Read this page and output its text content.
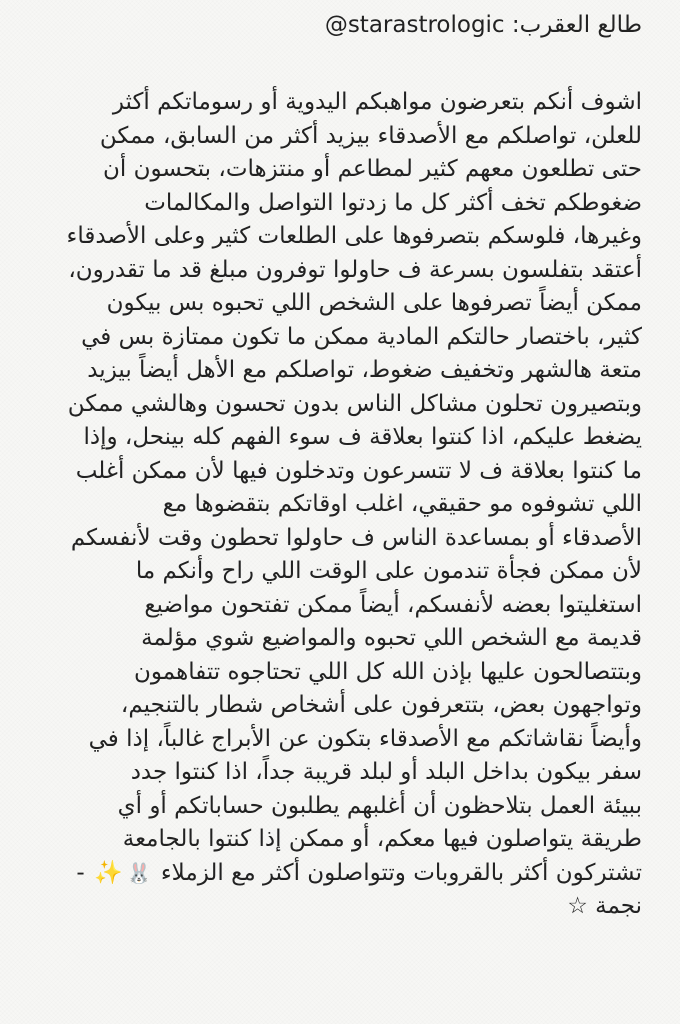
طالع العقرب: starastrologic@

اشوف أنكم بتعرضون مواهبكم اليدوية أو رسوماتكم أكثر

للعلن، تواصلكم مع الأصدقاء بيزيد أكثر من السابق، ممكن

حتى تطلعون معهم كثير لمطاعم أو منتزهات، بتحسون أن

ضغوطكم تخف أكثر كل ما زدتوا التواصل والمكالمات

وغيرها، فلوسكم بتصرفوها على الطلعات كثير وعلى الأصدقاء

أعتقد بتفلسون بسرعة ف حاولوا توفرون مبلغ قد ما تقدرون،

ممكن أيضاً تصرفوها على الشخص اللي تحبوه بس بيكون

كثير، باختصار حالتكم المادية ممكن ما تكون ممتازة بس في

متعة هالشهر وتخفيف ضغوط، تواصلكم مع الأهل أيضاً بيزيد

وبتصيرون تحلون مشاكل الناس بدون تحسون وهالشي ممكن

يضغط عليكم، اذا كنتوا بعلاقة ف سوء الفهم كله بينحل، وإذا

ما كنتوا بعلاقة ف لا تتسرعون وتدخلون فيها لأن ممكن أغلب

اللي تشوفوه مو حقيقي، اغلب اوقاتكم بتقضوها مع

الأصدقاء أو بمساعدة الناس ف حاولوا تحطون وقت لأنفسكم

لأن ممكن فجأة تندمون على الوقت اللي راح وأنكم ما

استغليتوا بعضه لأنفسكم، أيضاً ممكن تفتحون مواضيع

قديمة مع الشخص اللي تحبوه والمواضيع شوي مؤلمة

وبتتصالحون عليها بإذن الله كل اللي تحتاجوه تتفاهمون

وتواجهون بعض، بتتعرفون على أشخاص شطار بالتنجيم،

وأيضاً نقاشاتكم مع الأصدقاء بتكون عن الأبراج غالباً، إذا في

سفر بيكون بداخل البلد أو لبلد قريبة جداً، اذا كنتوا جدد

ببيئة العمل بتلاحظون أن أغلبهم يطلبون حساباتكم أو أي

طريقة يتواصلون فيها معكم، أو ممكن إذا كنتوا بالجامعة

تشتركون أكثر بالقروبات وتتواصلون أكثر مع الزملاء 🐰✨ -

نجمة ☆
